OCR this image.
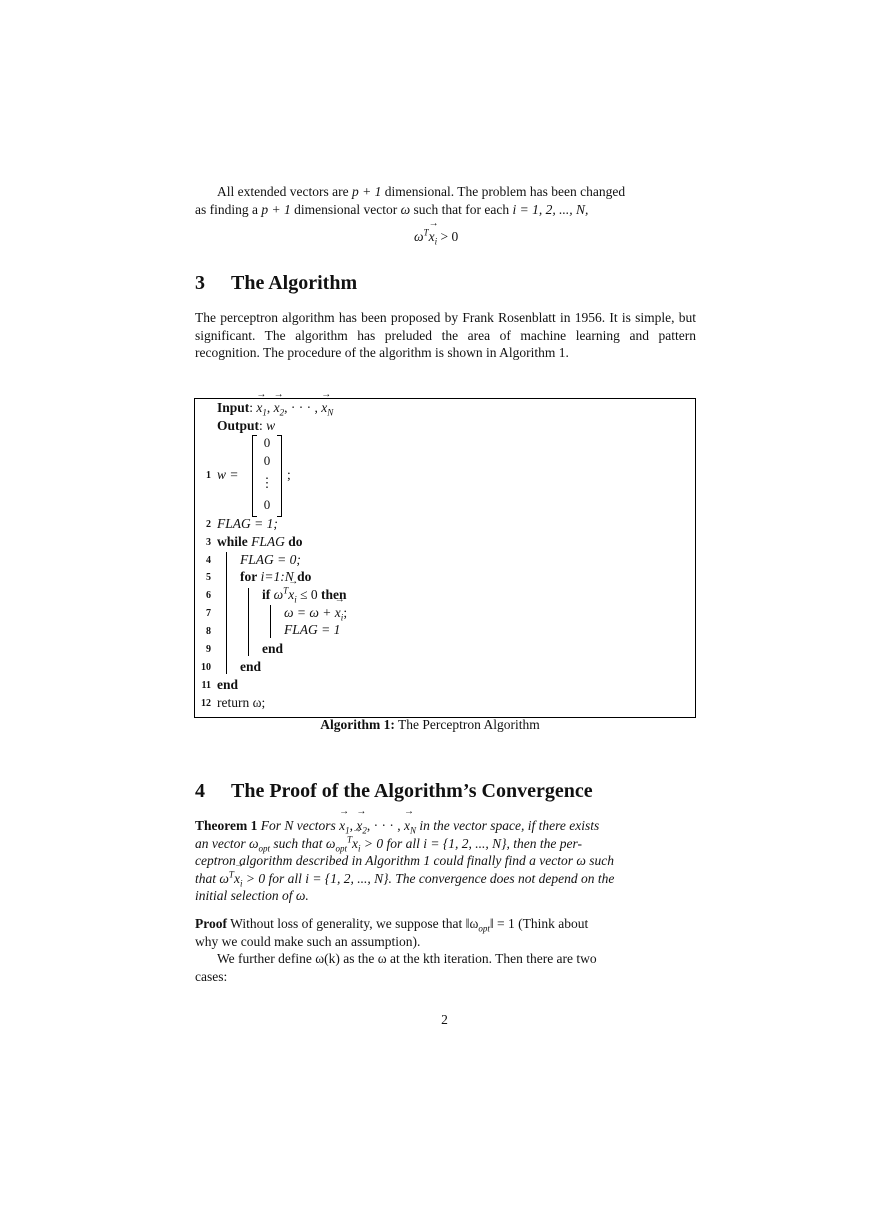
All extended vectors are p + 1 dimensional. The problem has been changed
as finding a p + 1 dimensional vector ω such that for each i = 1, 2, ..., N,
$\omega^T\to x_i > 0$
3 The Algorithm
The perceptron algorithm has been proposed by Frank Rosenblatt in 1956. It is simple, but significant. The algorithm has preluded the area of machine learning and pattern recognition. The procedure of the algorithm is shown in Algorithm 1.
Input: → $x_1$, → $x_2$, · · · , → $x_N$
Output: w
1
2
3
4
5
6
7
8
9
10
11
12
w =
0
0
⋮
0
;
FLAG = 1;
while FLAG do
FLAG = 0;
for i=1:N do
if $\omega^T\to x_i \le 0$ then
ω = ω + → $x_i$;
FLAG = 1
end
end
end
return ω;
Algorithm 1: The Perceptron Algorithm
4 The Proof of the Algorithm’s Convergence
Theorem 1 For N vectors → $x_1$, → $x_2$, · · · , → $x_N$ in the vector space, if there exists
an vector $\omega_{opt}$ such that $\omega_{opt}^T\to x_i > 0$ for all i = {1, 2, ..., N}, then the per-
ceptron algorithm described in Algorithm 1 could finally find a vector ω such
that $\omega^T\to x_i > 0$ for all i = {1, 2, ..., N}. The convergence does not depend on the
initial selection of ω.
Proof Without loss of generality, we suppose that $‖\omega_{opt}‖ = 1$ (Think about
why we could make such an assumption).
We further define ω(k) as the ω at the kth iteration. Then there are two
cases:
2
